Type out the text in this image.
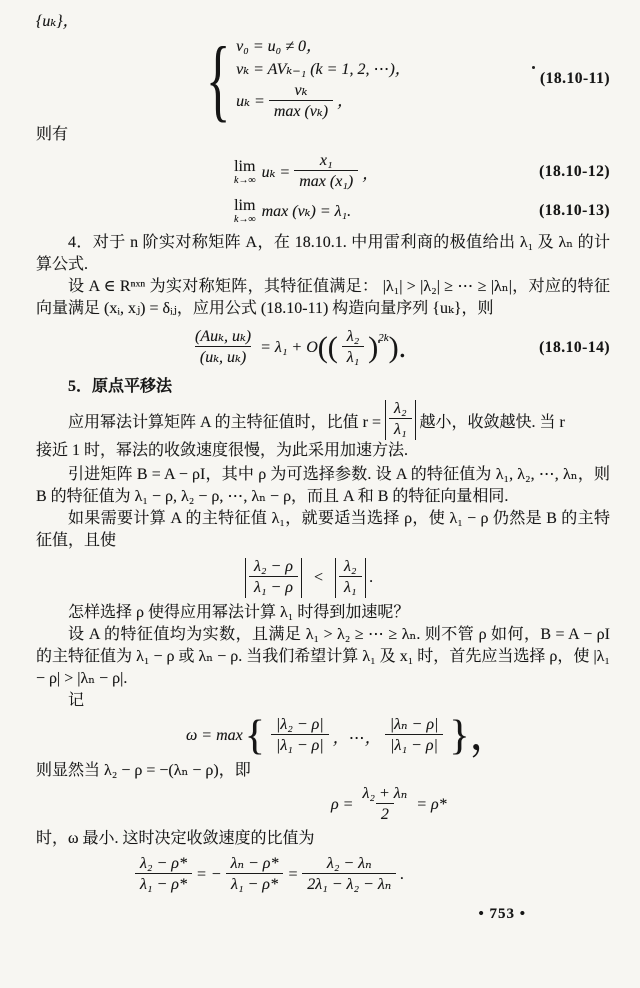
{uₖ}，

{ v₀ = u₀ ≠ 0，
vₖ = AVₖ₋₁ (k = 1, 2, ⋯)，
$u_k = \frac{\text{vₖ}}{\text{max (vₖ)}}$ ，
(18.10-11)

则有

lim
k→∞ $u_k = \frac{\text{x₁}}{\text{max (x₁)}}$ ，	(18.10-12)
lim
k→∞ max (vₖ) = λ₁.	(18.10-13)

4．对于 n 阶实对称矩阵 A，在 18.10.1. 中用雷利商的极值给出 λ₁ 及 λₙ 的计算公式.

设 A ∈ Rⁿˣⁿ 为实对称矩阵，其特征值满足： |λ₁| > |λ₂| ≥ ⋯ ≥ |λₙ|，对应的特征向量满足 (xᵢ, xⱼ) = δᵢⱼ，应用公式 (18.10-11) 构造向量序列 {uₖ}，则

$\frac{\text{(Auₖ, uₖ)}}{\text{(uₖ, uₖ)}} = \lambda_1 + O$ (( $\frac{\text{λ₂}}{\text{λ₁}} )^{2k}$ ).	(18.10-14)

5．原点平移法

应用幂法计算矩阵 A 的主特征值时，比值 $r = \frac{\text{λ₂}}{\text{λ₁}}$ 越小，收敛越快. 当 r

接近 1 时，幂法的收敛速度很慢，为此采用加速方法.

引进矩阵 B = A − ρI，其中 ρ 为可选择参数. 设 A 的特征值为 λ₁, λ₂, ⋯, λₙ，则 B 的特征值为 λ₁ − ρ, λ₂ − ρ, ⋯, λₙ − ρ，而且 A 和 B 的特征向量相同.

如果需要计算 A 的主特征值 λ₁，就要适当选择 ρ，使 λ₁ − ρ 仍然是 B 的主特征值，且使

$\frac{\text{λ₂ − ρ}}{\text{λ₁ − ρ}} < \frac{\text{λ₂}}{\text{λ₁}}$ .

怎样选择 ρ 使得应用幂法计算 λ₁ 时得到加速呢？

设 A 的特征值均为实数，且满足 λ₁ > λ₂ ≥ ⋯ ≥ λₙ. 则不管 ρ 如何，B = A − ρI 的主特征值为 λ₁ − ρ 或 λₙ − ρ. 当我们希望计算 λ₁ 及 x₁ 时，首先应当选择 ρ，使 |λ₁ − ρ| > |λₙ − ρ|.

记

ω = max { $\frac{\text{|λ₂ − ρ|}}{\text{|λ₁ − ρ|}}$ ，⋯， $\frac{\text{|λₙ − ρ|}}{\text{|λ₁ − ρ|}}$ }，

则显然当 λ₂ − ρ = −(λₙ − ρ)，即

$\rho = \frac{\text{λ₂ + λₙ}}{2} = \rho*$

时，ω 最小. 这时决定收敛速度的比值为

$\frac{\text{λ₂ − ρ*}}{\text{λ₁ − ρ*}}$ = − $\frac{\text{λₙ − ρ*}}{\text{λ₁ − ρ*}} = \frac{\text{λ₂ − λₙ}}{\text{2λ₁ − λ₂ − λₙ}}$ .
• 753 •
